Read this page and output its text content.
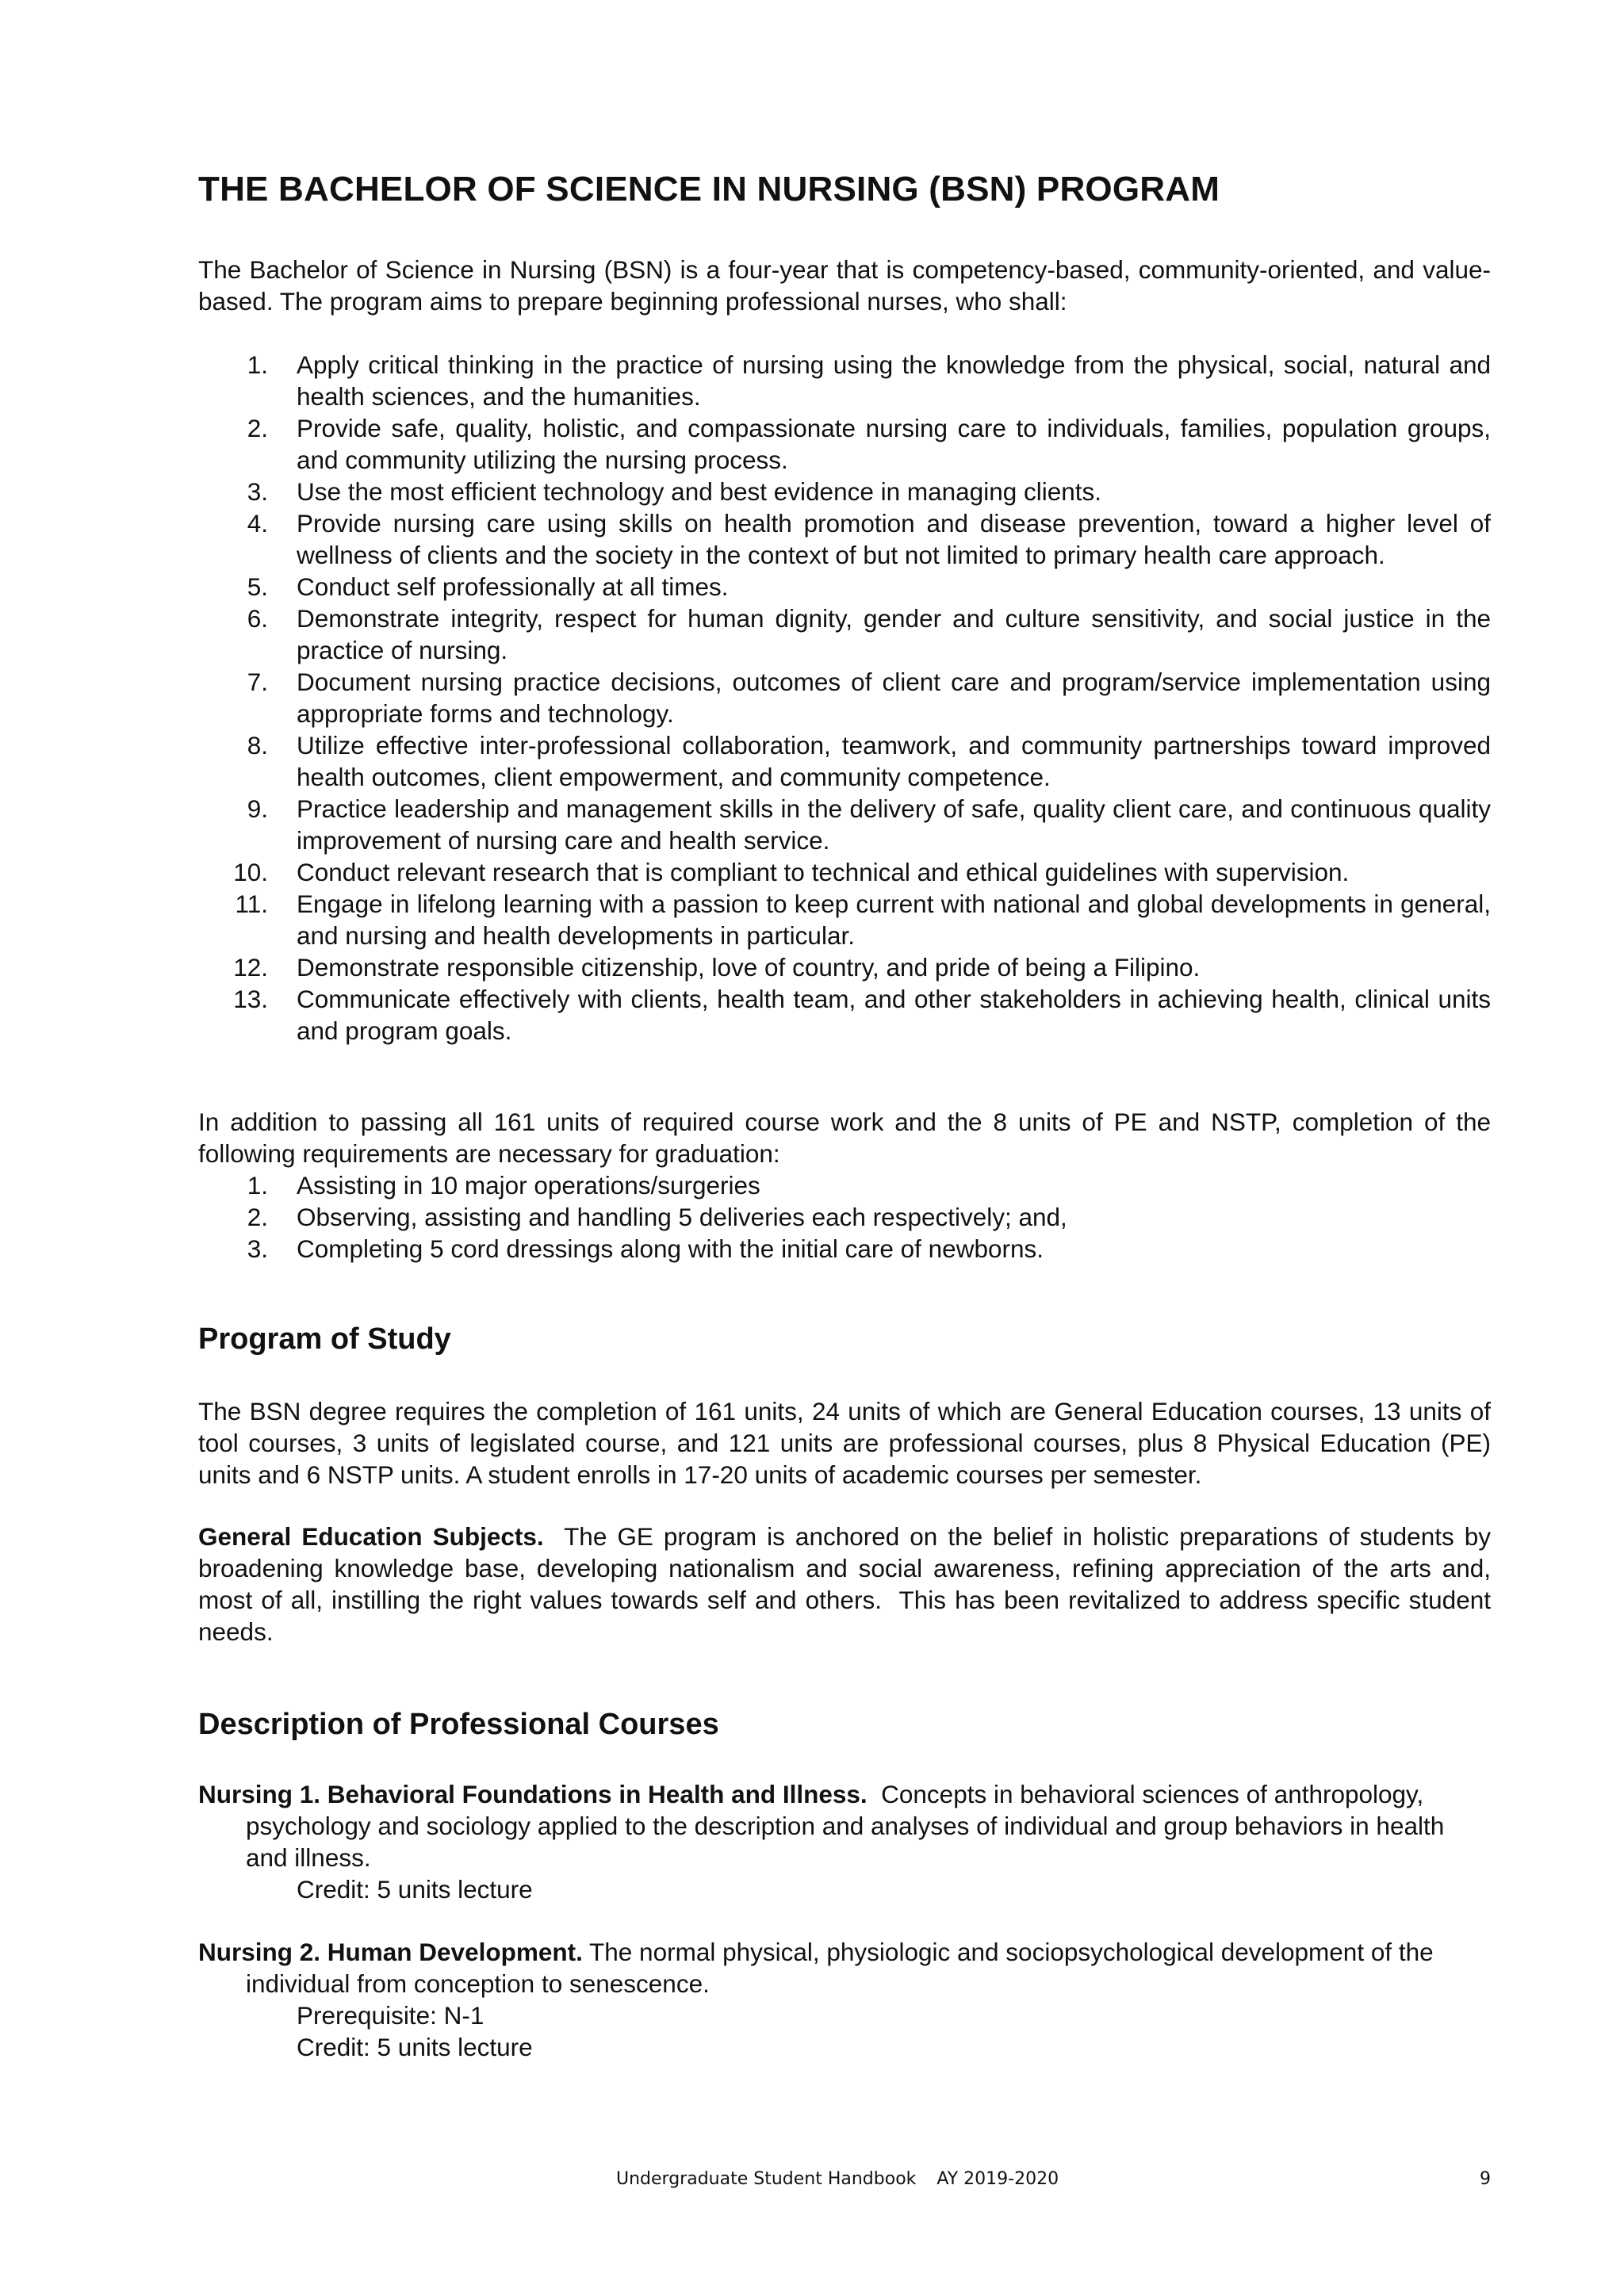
THE BACHELOR OF SCIENCE IN NURSING (BSN) PROGRAM

The Bachelor of Science in Nursing (BSN) is a four-year that is competency-based, community-oriented, and value-based. The program aims to prepare beginning professional nurses, who shall:

1. Apply critical thinking in the practice of nursing using the knowledge from the physical, social, natural and health sciences, and the humanities.
2. Provide safe, quality, holistic, and compassionate nursing care to individuals, families, population groups, and community utilizing the nursing process.
3. Use the most efficient technology and best evidence in managing clients.
4. Provide nursing care using skills on health promotion and disease prevention, toward a higher level of wellness of clients and the society in the context of but not limited to primary health care approach.
5. Conduct self professionally at all times.
6. Demonstrate integrity, respect for human dignity, gender and culture sensitivity, and social justice in the practice of nursing.
7. Document nursing practice decisions, outcomes of client care and program/service implementation using appropriate forms and technology.
8. Utilize effective inter-professional collaboration, teamwork, and community partnerships toward improved health outcomes, client empowerment, and community competence.
9. Practice leadership and management skills in the delivery of safe, quality client care, and continuous quality improvement of nursing care and health service.
10. Conduct relevant research that is compliant to technical and ethical guidelines with supervision.
11. Engage in lifelong learning with a passion to keep current with national and global developments in general, and nursing and health developments in particular.
12. Demonstrate responsible citizenship, love of country, and pride of being a Filipino.
13. Communicate effectively with clients, health team, and other stakeholders in achieving health, clinical units and program goals.

In addition to passing all 161 units of required course work and the 8 units of PE and NSTP, completion of the following requirements are necessary for graduation:

1. Assisting in 10 major operations/surgeries
2. Observing, assisting and handling 5 deliveries each respectively; and,
3. Completing 5 cord dressings along with the initial care of newborns.
Program of Study

The BSN degree requires the completion of 161 units, 24 units of which are General Education courses, 13 units of tool courses, 3 units of legislated course, and 121 units are professional courses, plus 8 Physical Education (PE) units and 6 NSTP units. A student enrolls in 17-20 units of academic courses per semester.

General Education Subjects.  The GE program is anchored on the belief in holistic preparations of students by broadening knowledge base, developing nationalism and social awareness, refining appreciation of the arts and, most of all, instilling the right values towards self and others.  This has been revitalized to address specific student needs.

Description of Professional Courses

Nursing 1. Behavioral Foundations in Health and Illness.  Concepts in behavioral sciences of anthropology, psychology and sociology applied to the description and analyses of individual and group behaviors in health and illness.

Credit: 5 units lecture

Nursing 2. Human Development. The normal physical, physiologic and sociopsychological development of the individual from conception to senescence.

Prerequisite: N-1

Credit: 5 units lecture

Undergraduate Student Handbook AY 2019-2020	9
